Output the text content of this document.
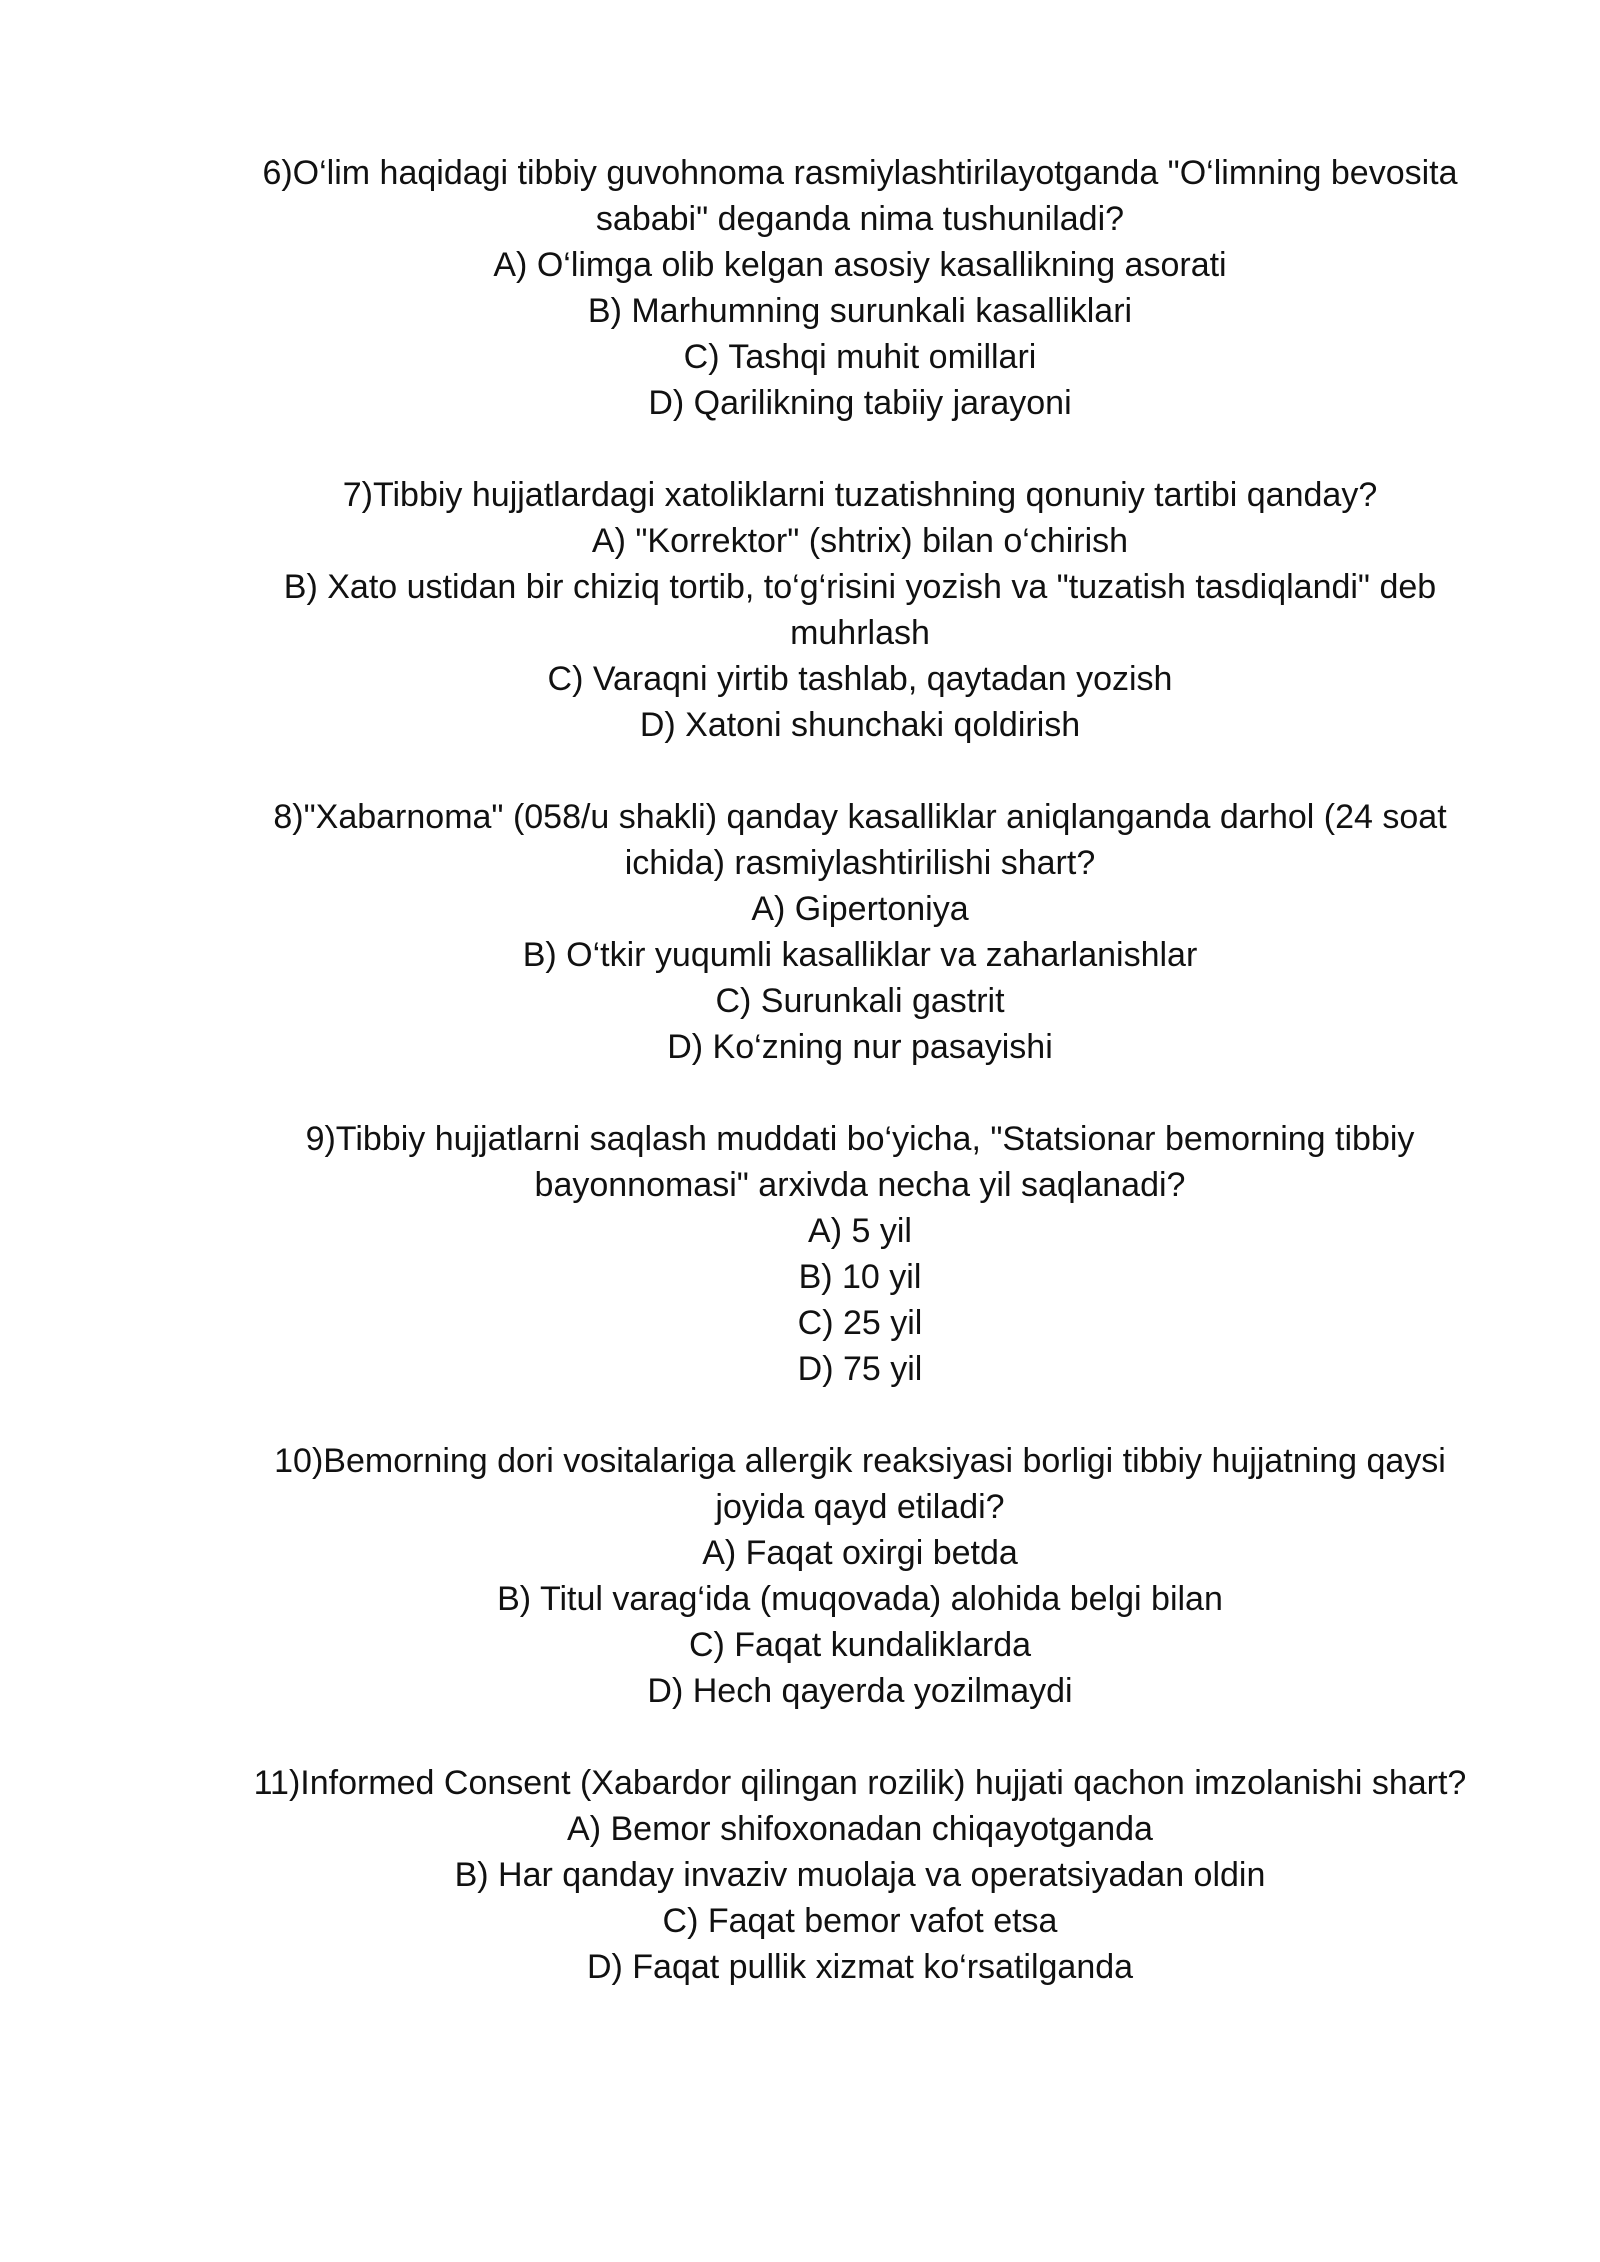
6)O‘lim haqidagi tibbiy guvohnoma rasmiylashtirilayotganda "O‘limning bevosita sababi" deganda nima tushuniladi?

A) O‘limga olib kelgan asosiy kasallikning asorati

B) Marhumning surunkali kasalliklari

C) Tashqi muhit omillari

D) Qarilikning tabiiy jarayoni

7)Tibbiy hujjatlardagi xatoliklarni tuzatishning qonuniy tartibi qanday?

A) "Korrektor" (shtrix) bilan o‘chirish

B) Xato ustidan bir chiziq tortib, to‘g‘risini yozish va "tuzatish tasdiqlandi" deb muhrlash

C) Varaqni yirtib tashlab, qaytadan yozish

D) Xatoni shunchaki qoldirish

8)"Xabarnoma" (058/u shakli) qanday kasalliklar aniqlanganda darhol (24 soat ichida) rasmiylashtirilishi shart?

A) Gipertoniya

B) O‘tkir yuqumli kasalliklar va zaharlanishlar

C) Surunkali gastrit

D) Ko‘zning nur pasayishi

9)Tibbiy hujjatlarni saqlash muddati bo‘yicha, "Statsionar bemorning tibbiy bayonnomasi" arxivda necha yil saqlanadi?

A) 5 yil

B) 10 yil

C) 25 yil

D) 75 yil

10)Bemorning dori vositalariga allergik reaksiyasi borligi tibbiy hujjatning qaysi joyida qayd etiladi?

A) Faqat oxirgi betda

B) Titul varag‘ida (muqovada) alohida belgi bilan

C) Faqat kundaliklarda

D) Hech qayerda yozilmaydi

11)Informed Consent (Xabardor qilingan rozilik) hujjati qachon imzolanishi shart?

A) Bemor shifoxonadan chiqayotganda

B) Har qanday invaziv muolaja va operatsiyadan oldin

C) Faqat bemor vafot etsa

D) Faqat pullik xizmat ko‘rsatilganda
